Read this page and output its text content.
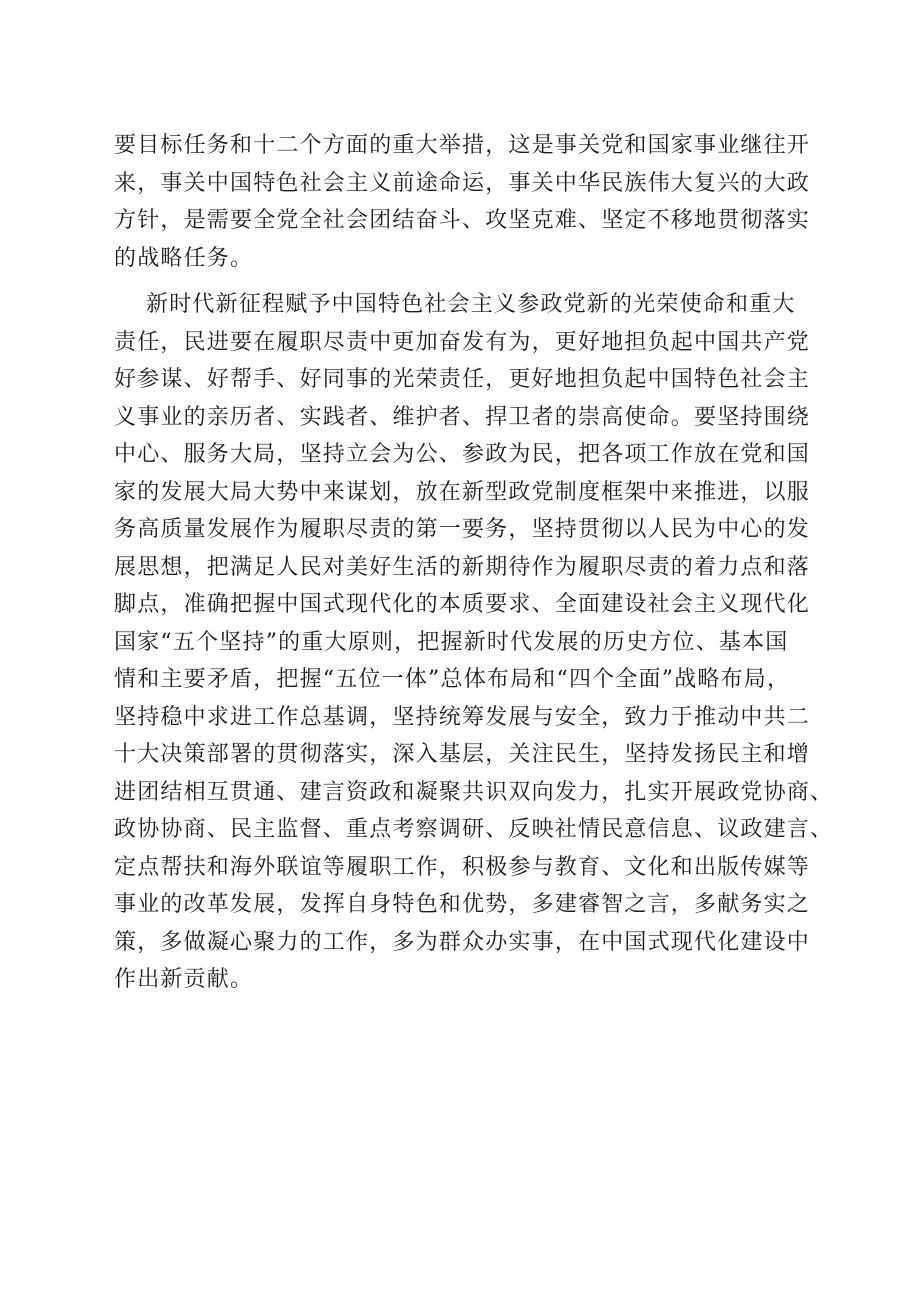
要目标任务和十二个方面的重大举措，这是事关党和国家事业继往开
来，事关中国特色社会主义前途命运，事关中华民族伟大复兴的大政
方针，是需要全党全社会团结奋斗、攻坚克难、坚定不移地贯彻落实
的战略任务。
新时代新征程赋予中国特色社会主义参政党新的光荣使命和重大
责任，民进要在履职尽责中更加奋发有为，更好地担负起中国共产党
好参谋、好帮手、好同事的光荣责任，更好地担负起中国特色社会主
义事业的亲历者、实践者、维护者、捍卫者的崇高使命。要坚持围绕
中心、服务大局，坚持立会为公、参政为民，把各项工作放在党和国
家的发展大局大势中来谋划，放在新型政党制度框架中来推进，以服
务高质量发展作为履职尽责的第一要务，坚持贯彻以人民为中心的发
展思想，把满足人民对美好生活的新期待作为履职尽责的着力点和落
脚点，准确把握中国式现代化的本质要求、全面建设社会主义现代化
国家“五个坚持”的重大原则，把握新时代发展的历史方位、基本国
情和主要矛盾，把握“五位一体”总体布局和“四个全面”战略布局，
坚持稳中求进工作总基调，坚持统筹发展与安全，致力于推动中共二
十大决策部署的贯彻落实，深入基层，关注民生，坚持发扬民主和增
进团结相互贯通、建言资政和凝聚共识双向发力，扎实开展政党协商、
政协协商、民主监督、重点考察调研、反映社情民意信息、议政建言、
定点帮扶和海外联谊等履职工作，积极参与教育、文化和出版传媒等
事业的改革发展，发挥自身特色和优势，多建睿智之言，多献务实之
策，多做凝心聚力的工作，多为群众办实事，在中国式现代化建设中
作出新贡献。
